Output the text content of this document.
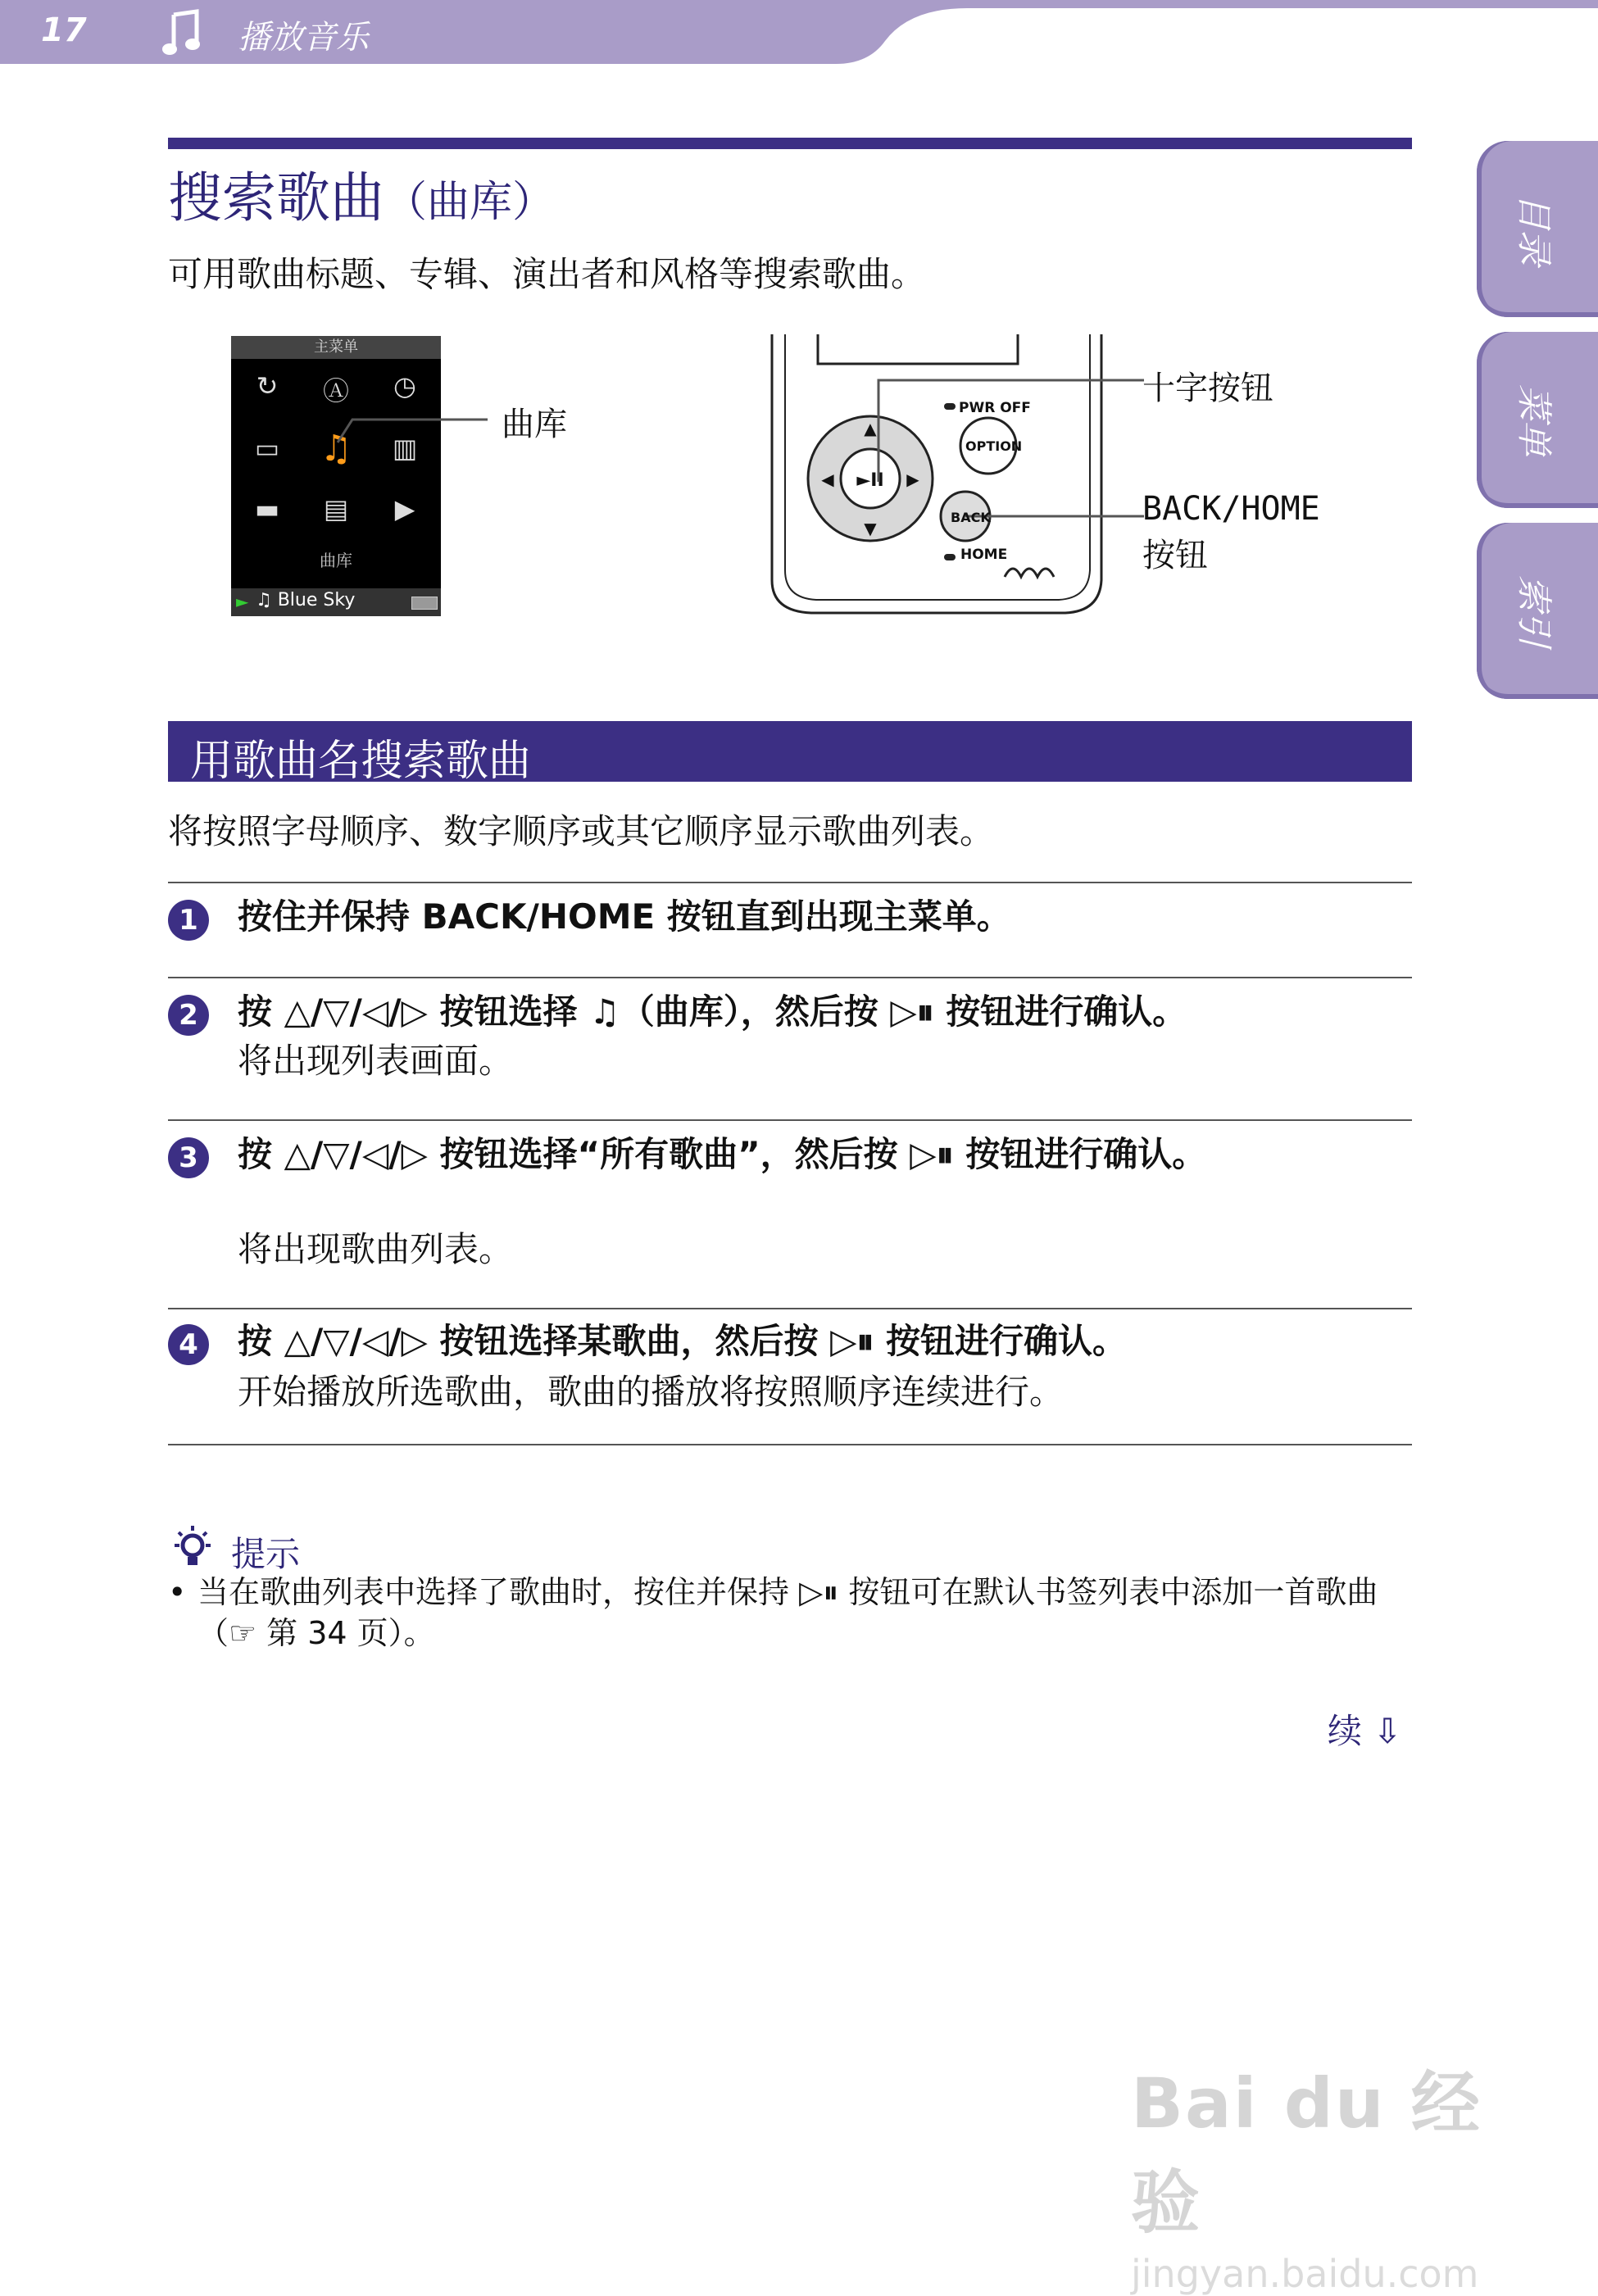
17	播放音乐
目录
菜单
索引
搜索歌曲（曲库）
可用歌曲标题、专辑、演出者和风格等搜索歌曲。
主菜单
↻	Ⓐ	◷
▭	♫	▥
▬	▤	▶
曲库
► ♫ Blue Sky
曲库	▲
▼
◀	▶
►II
PWR OFF
OPTION
BACK
HOME
十字按钮
BACK/HOME
按钮
用歌曲名搜索歌曲
将按照字母顺序、数字顺序或其它顺序显示歌曲列表。
1	按住并保持 BACK/HOME 按钮直到出现主菜单。
2	按 △/▽/◁/▷ 按钮选择 ♫（曲库），然后按 ▷⏸ 按钮进行确认。
将出现列表画面。
3	按 △/▽/◁/▷ 按钮选择“所有歌曲”，然后按 ▷⏸ 按钮进行确认。
将出现歌曲列表。
4	按 △/▽/◁/▷ 按钮选择某歌曲，然后按 ▷⏸ 按钮进行确认。
开始播放所选歌曲，歌曲的播放将按照顺序连续进行。
提示
• 当在歌曲列表中选择了歌曲时，按住并保持 ▷⏸ 按钮可在默认书签列表中添加一首歌曲（☞ 第 34 页）。
续 ⇩
Bai du 经验
jingyan.baidu.com
